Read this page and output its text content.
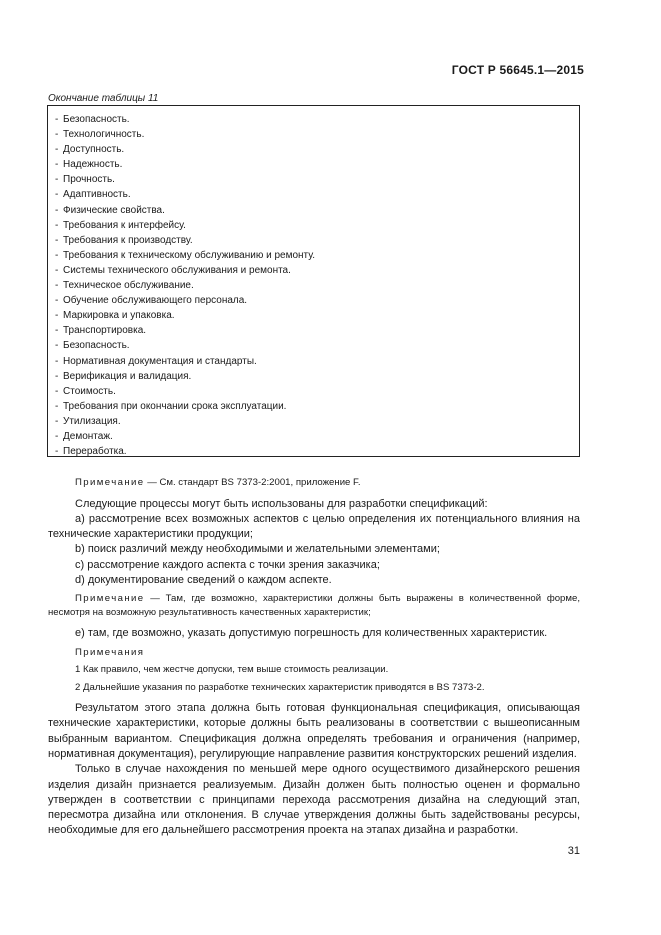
ГОСТ Р 56645.1—2015
Окончание таблицы 11
- Безопасность.
- Технологичность.
- Доступность.
- Надежность.
- Прочность.
- Адаптивность.
- Физические свойства.
- Требования к интерфейсу.
- Требования к производству.
- Требования к техническому обслуживанию и ремонту.
- Системы технического обслуживания и ремонта.
- Техническое обслуживание.
- Обучение обслуживающего персонала.
- Маркировка и упаковка.
- Транспортировка.
- Безопасность.
- Нормативная документация и стандарты.
- Верификация и валидация.
- Стоимость.
- Требования при окончании срока эксплуатации.
- Утилизация.
- Демонтаж.
- Переработка.

Примечание — См. стандарт BS 7373-2:2001, приложение F.

Следующие процессы могут быть использованы для разработки спецификаций:

а) рассмотрение всех возможных аспектов с целью определения их потенциального влияния на технические характеристики продукции;

b) поиск различий между необходимыми и желательными элементами;

c) рассмотрение каждого аспекта с точки зрения заказчика;

d) документирование сведений о каждом аспекте.

Примечание — Там, где возможно, характеристики должны быть выражены в количественной форме, несмотря на возможную результативность качественных характеристик;

е) там, где возможно, указать допустимую погрешность для количественных характеристик.

Примечания

1 Как правило, чем жестче допуски, тем выше стоимость реализации.

2 Дальнейшие указания по разработке технических характеристик приводятся в BS 7373-2.

Результатом этого этапа должна быть готовая функциональная спецификация, описывающая технические характеристики, которые должны быть реализованы в соответствии с вышеописанным выбранным вариантом. Спецификация должна определять требования и ограничения (например, нормативная документация), регулирующие направление развития конструкторских решений изделия.

Только в случае нахождения по меньшей мере одного осуществимого дизайнерского решения изделия дизайн признается реализуемым. Дизайн должен быть полностью оценен и формально утвержден в соответствии с принципами перехода рассмотрения дизайна на следующий этап, пересмотра дизайна или отклонения. В случае утверждения должны быть задействованы ресурсы, необходимые для его дальнейшего рассмотрения проекта на этапах дизайна и разработки.

31
